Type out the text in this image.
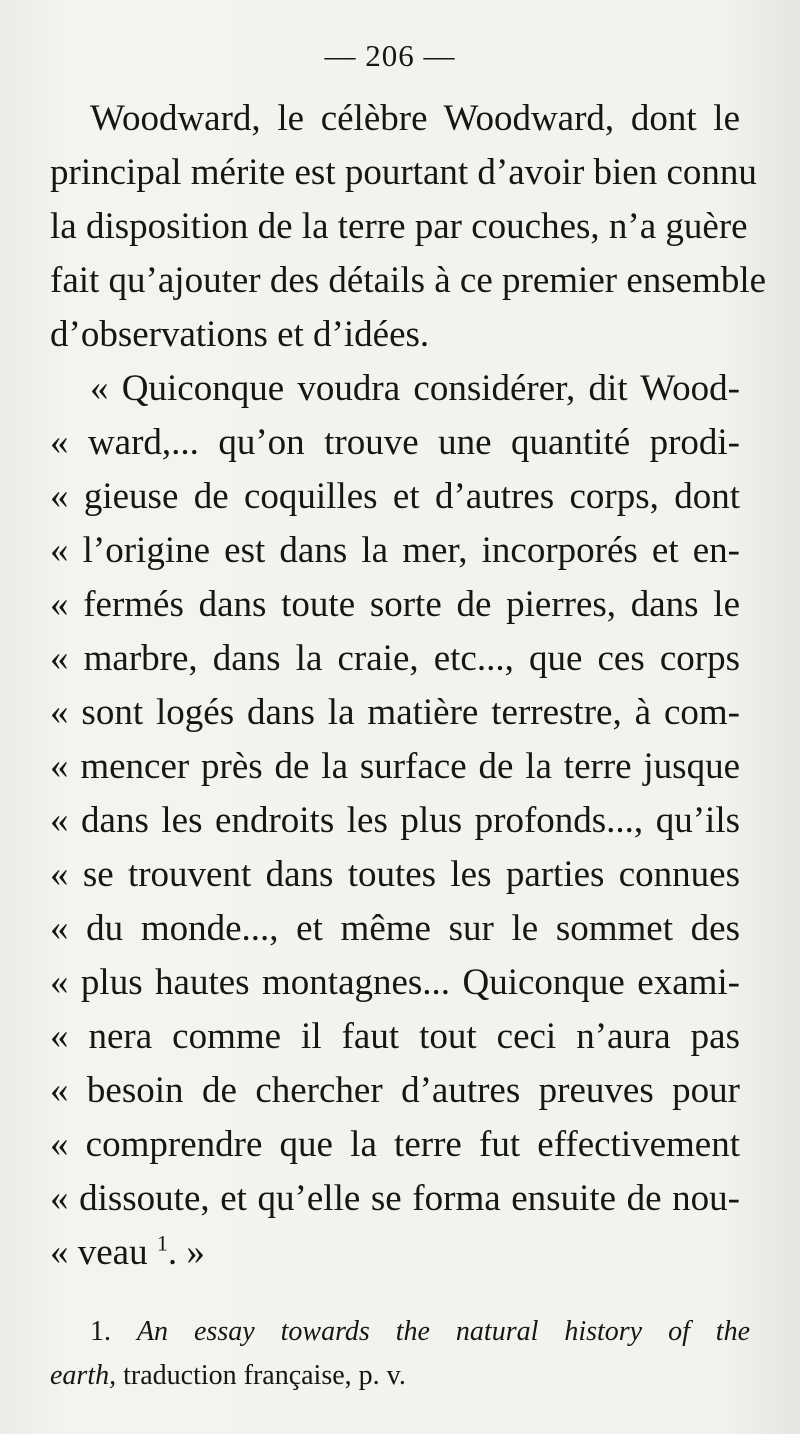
— 206 —
Woodward, le célèbre Woodward, dont le
principal mérite est pourtant d’avoir bien connu
la disposition de la terre par couches, n’a guère
fait qu’ajouter des détails à ce premier ensemble
d’observations et d’idées.
« Quiconque voudra considérer, dit Wood-
« ward,... qu’on trouve une quantité prodi-
« gieuse de coquilles et d’autres corps, dont
« l’origine est dans la mer, incorporés et en-
« fermés dans toute sorte de pierres, dans le
« marbre, dans la craie, etc..., que ces corps
« sont logés dans la matière terrestre, à com-
« mencer près de la surface de la terre jusque
« dans les endroits les plus profonds..., qu’ils
« se trouvent dans toutes les parties connues
« du monde..., et même sur le sommet des
« plus hautes montagnes... Quiconque exami-
« nera comme il faut tout ceci n’aura pas
« besoin de chercher d’autres preuves pour
« comprendre que la terre fut effectivement
« dissoute, et qu’elle se forma ensuite de nou-
« veau $^1$. »
1. An essay towards the natural history of the
earth, traduction française, p. v.
